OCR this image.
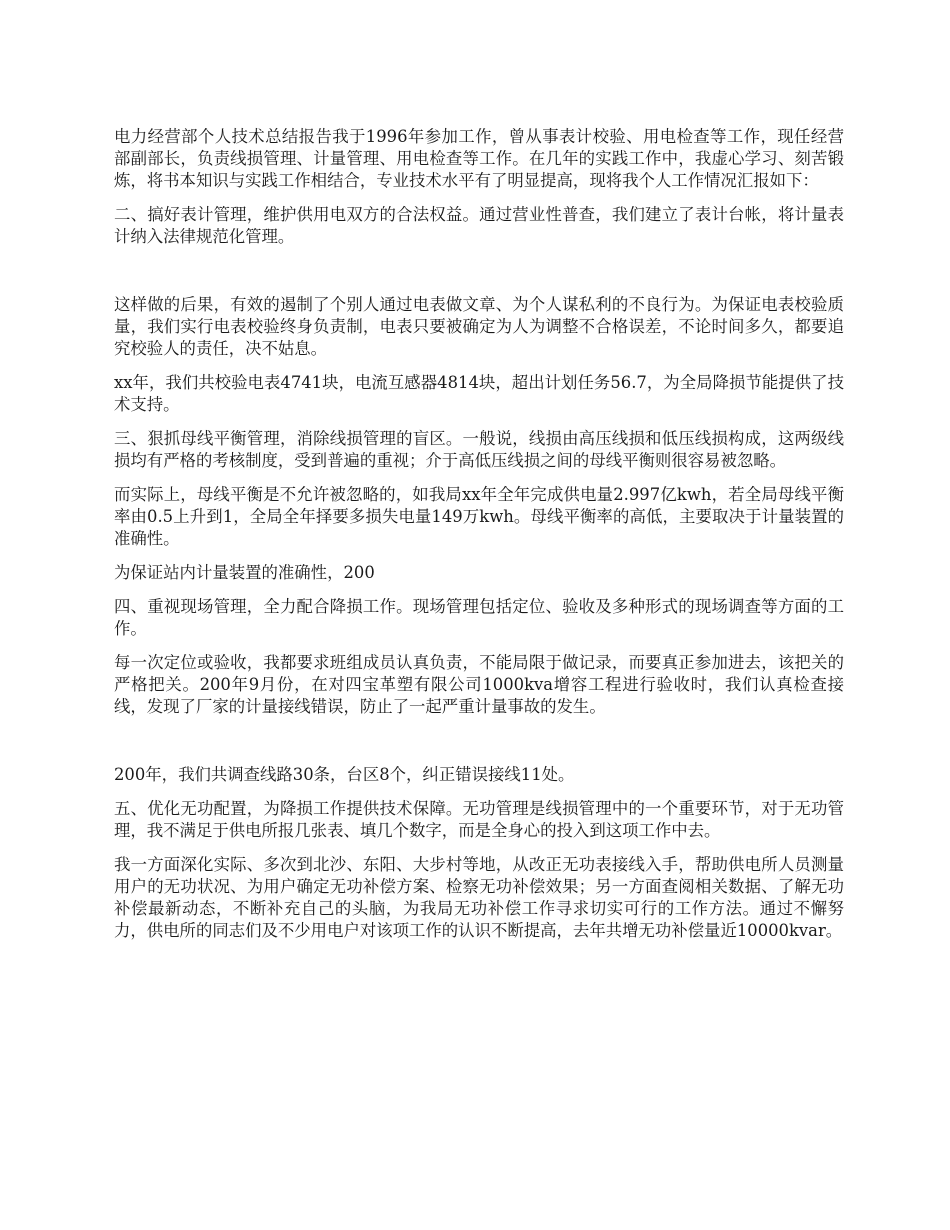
电力经营部个人技术总结报告我于1996年参加工作，曾从事表计校验、用电检查等工作，现任经营部副部长，负责线损管理、计量管理、用电检查等工作。在几年的实践工作中，我虚心学习、刻苦锻炼，将书本知识与实践工作相结合，专业技术水平有了明显提高，现将我个人工作情况汇报如下：

二、搞好表计管理，维护供用电双方的合法权益。通过营业性普查，我们建立了表计台帐，将计量表计纳入法律规范化管理。

这样做的后果，有效的遏制了个别人通过电表做文章、为个人谋私利的不良行为。为保证电表校验质量，我们实行电表校验终身负责制，电表只要被确定为人为调整不合格误差，不论时间多久，都要追究校验人的责任，决不姑息。

xx年，我们共校验电表4741块，电流互感器4814块，超出计划任务56.7，为全局降损节能提供了技术支持。

三、狠抓母线平衡管理，消除线损管理的盲区。一般说，线损由高压线损和低压线损构成，这两级线损均有严格的考核制度，受到普遍的重视；介于高低压线损之间的母线平衡则很容易被忽略。

而实际上，母线平衡是不允许被忽略的，如我局xx年全年完成供电量2.997亿kwh，若全局母线平衡率由0.5上升到1，全局全年择要多损失电量149万kwh。母线平衡率的高低，主要取决于计量装置的准确性。

为保证站内计量装置的准确性，200

四、重视现场管理，全力配合降损工作。现场管理包括定位、验收及多种形式的现场调查等方面的工作。

每一次定位或验收，我都要求班组成员认真负责，不能局限于做记录，而要真正参加进去，该把关的严格把关。200年9月份，在对四宝革塑有限公司1000kva增容工程进行验收时，我们认真检查接线，发现了厂家的计量接线错误，防止了一起严重计量事故的发生。

200年，我们共调查线路30条，台区8个，纠正错误接线11处。

五、优化无功配置，为降损工作提供技术保障。无功管理是线损管理中的一个重要环节，对于无功管理，我不满足于供电所报几张表、填几个数字，而是全身心的投入到这项工作中去。

我一方面深化实际、多次到北沙、东阳、大步村等地，从改正无功表接线入手，帮助供电所人员测量用户的无功状况、为用户确定无功补偿方案、检察无功补偿效果；另一方面查阅相关数据、了解无功补偿最新动态，不断补充自己的头脑，为我局无功补偿工作寻求切实可行的工作方法。通过不懈努力，供电所的同志们及不少用电户对该项工作的认识不断提高，去年共增无功补偿量近10000kvar。
